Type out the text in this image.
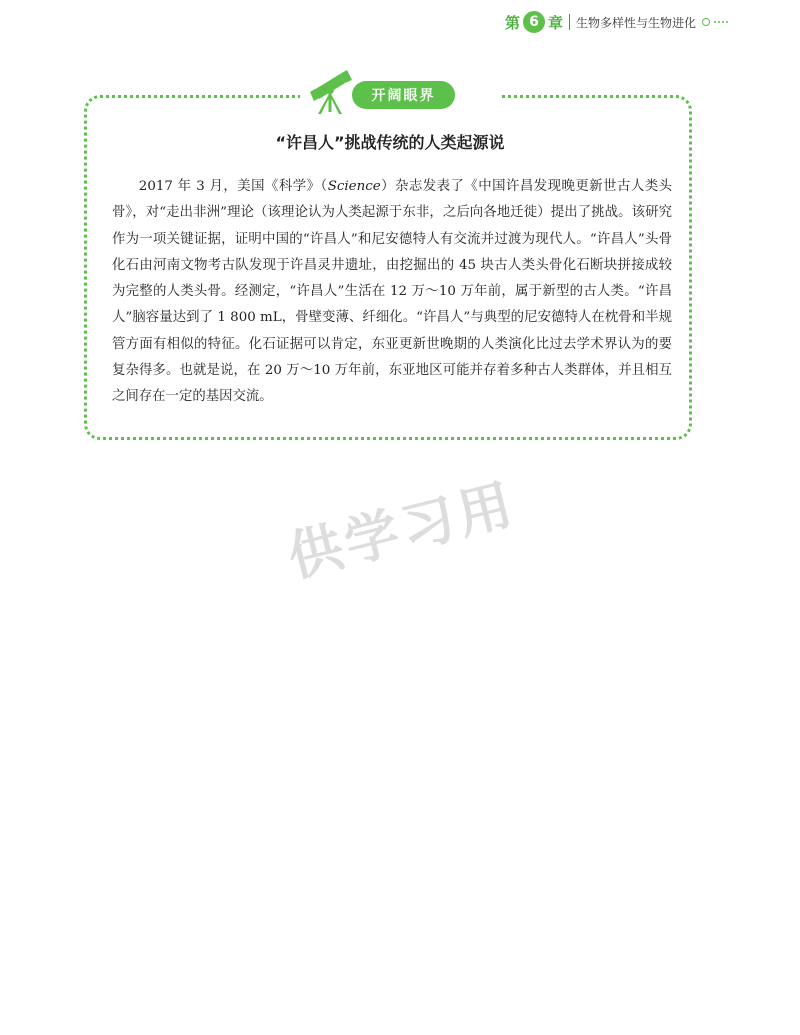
第 6 章 生物多样性与生物进化
开阔眼界
“许昌人”挑战传统的人类起源说

2017 年 3 月，美国《科学》（Science）杂志发表了《中国许昌发现晚更新世古人类头骨》，对“走出非洲”理论（该理论认为人类起源于东非，之后向各地迁徙）提出了挑战。该研究作为一项关键证据，证明中国的“许昌人”和尼安德特人有交流并过渡为现代人。“许昌人”头骨化石由河南文物考古队发现于许昌灵井遗址，由挖掘出的 45 块古人类头骨化石断块拼接成较为完整的人类头骨。经测定，“许昌人”生活在 12 万～10 万年前，属于新型的古人类。“许昌人”脑容量达到了 1 800 mL，骨壁变薄、纤细化。“许昌人”与典型的尼安德特人在枕骨和半规管方面有相似的特征。化石证据可以肯定，东亚更新世晚期的人类演化比过去学术界认为的要复杂得多。也就是说，在 20 万～10 万年前，东亚地区可能并存着多种古人类群体，并且相互之间存在一定的基因交流。

供学习用
